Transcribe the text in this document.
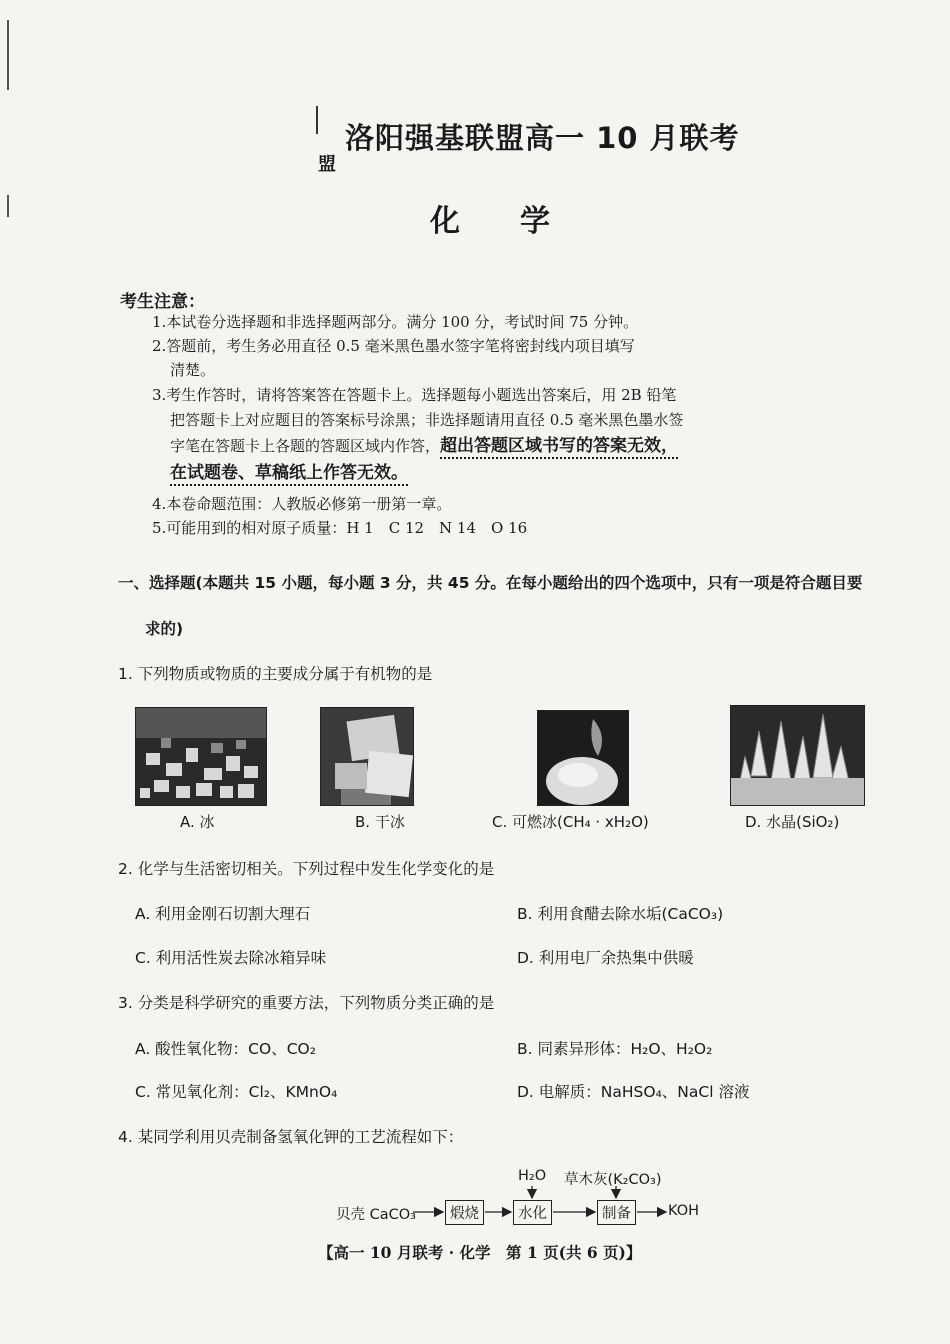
盟
洛阳强基联盟高一 10 月联考
化学
考生注意：
1.本试卷分选择题和非选择题两部分。满分 100 分，考试时间 75 分钟。
2.答题前，考生务必用直径 0.5 毫米黑色墨水签字笔将密封线内项目填写
清楚。
3.考生作答时，请将答案答在答题卡上。选择题每小题选出答案后，用 2B 铅笔
把答题卡上对应题目的答案标号涂黑；非选择题请用直径 0.5 毫米黑色墨水签
字笔在答题卡上各题的答题区域内作答，超出答题区域书写的答案无效，
在试题卷、草稿纸上作答无效。
4.本卷命题范围：人教版必修第一册第一章。
5.可能用到的相对原子质量：H 1　C 12　N 14　O 16
一、选择题(本题共 15 小题，每小题 3 分，共 45 分。在每小题给出的四个选项中，只有一项是符合题目要
求的)
1. 下列物质或物质的主要成分属于有机物的是
A. 冰	B. 干冰	C. 可燃冰(CH₄ · xH₂O)	D. 水晶(SiO₂)
2. 化学与生活密切相关。下列过程中发生化学变化的是
A. 利用金刚石切割大理石	B. 利用食醋去除水垢(CaCO₃)
C. 利用活性炭去除冰箱异味	D. 利用电厂余热集中供暖
3. 分类是科学研究的重要方法，下列物质分类正确的是
A. 酸性氧化物：CO、CO₂	B. 同素异形体：H₂O、H₂O₂
C. 常见氧化剂：Cl₂、KMnO₄	D. 电解质：NaHSO₄、NaCl 溶液
4. 某同学利用贝壳制备氢氧化钾的工艺流程如下：
H₂O 草木灰(K₂CO₃)
贝壳 CaCO₃	煅烧	水化	制备	KOH
【高一 10 月联考 · 化学　第 1 页(共 6 页)】
